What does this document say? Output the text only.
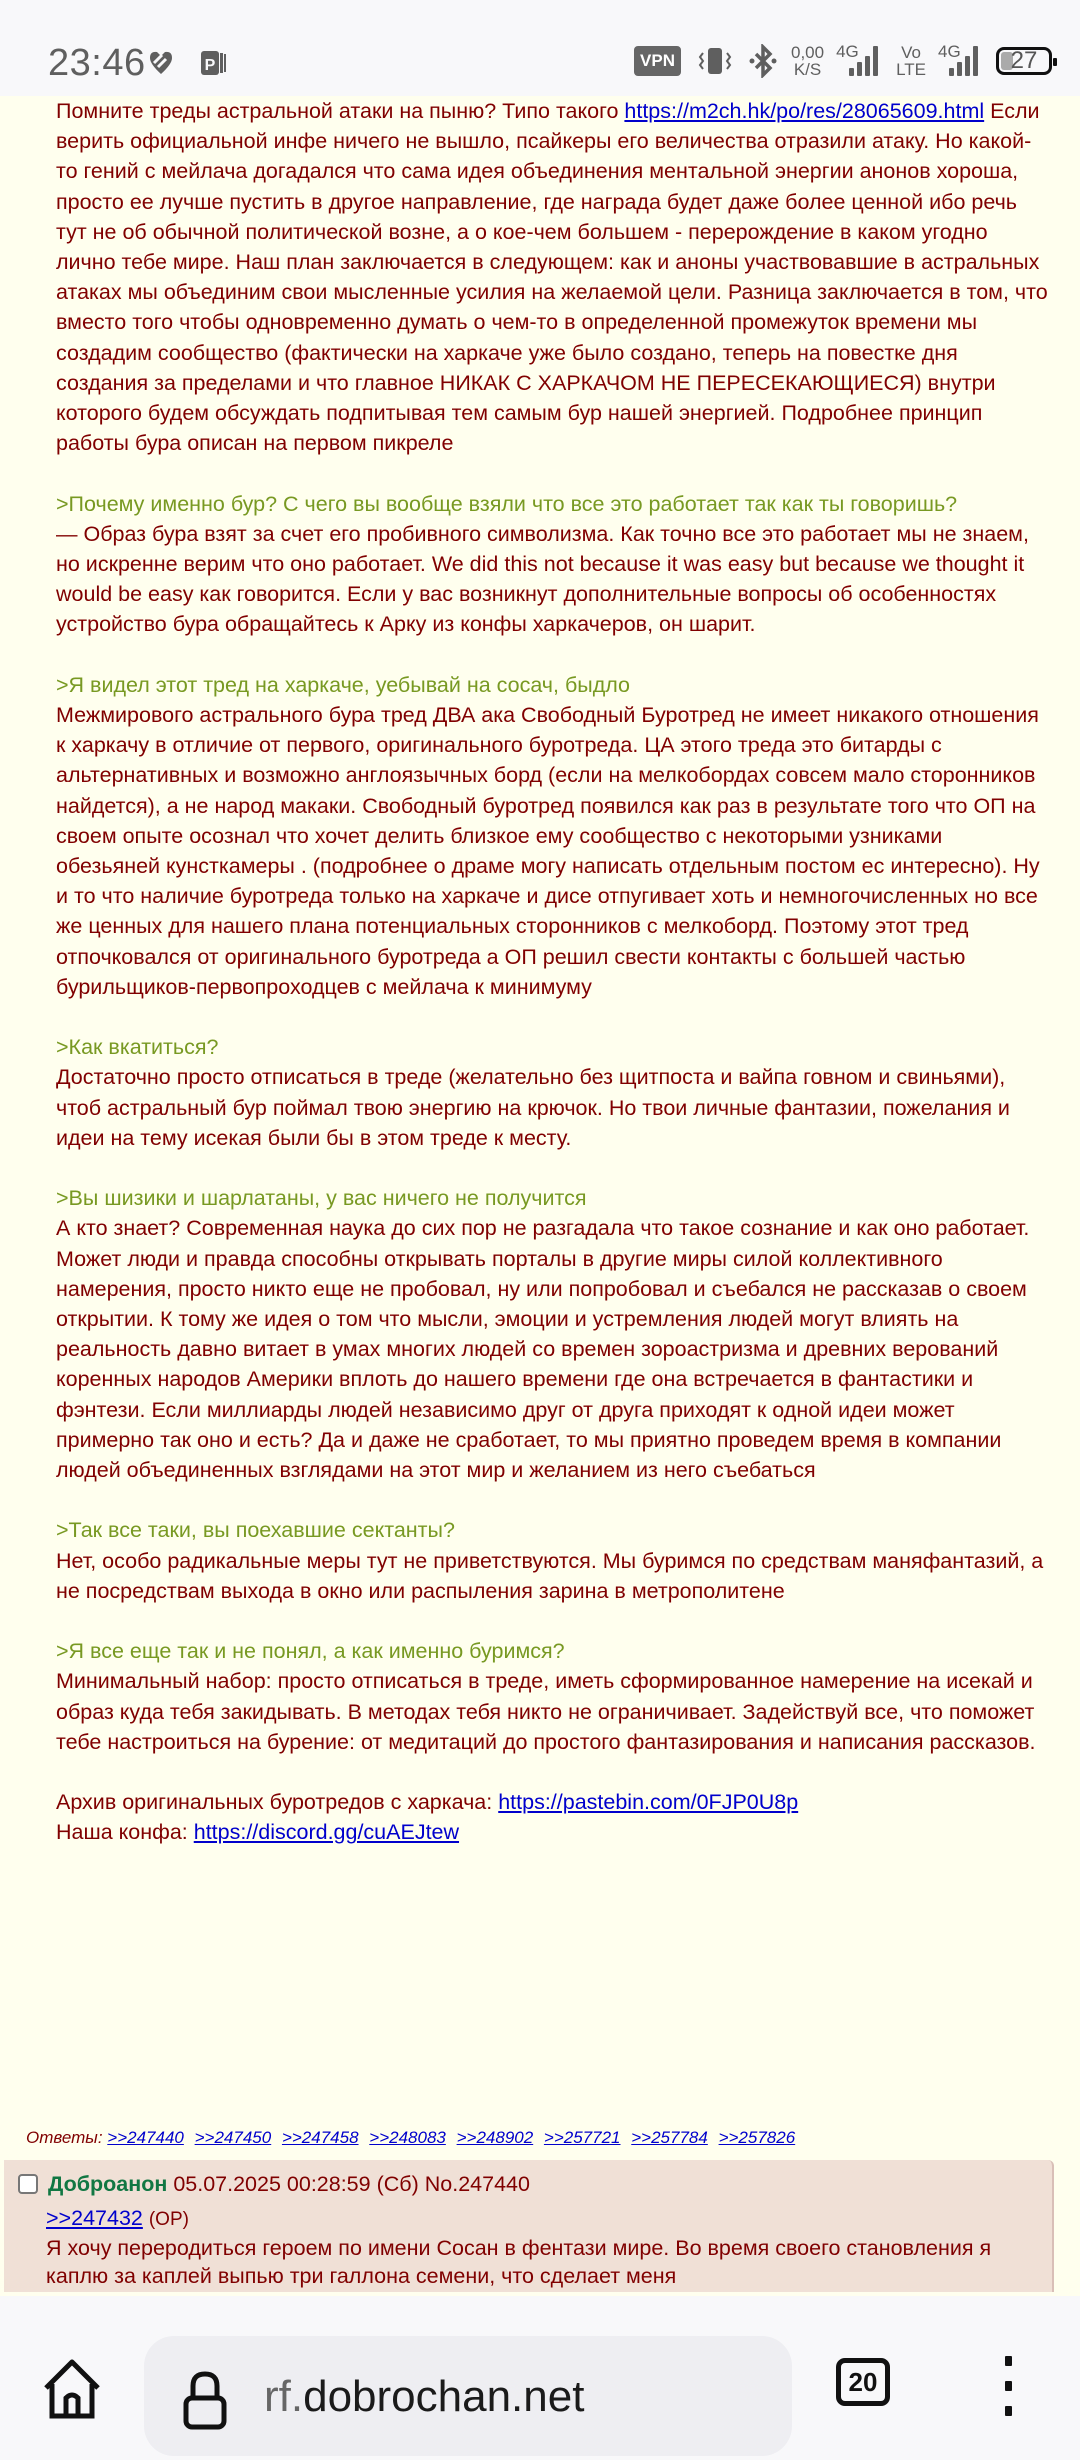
23:46	P	VPN	0,00
K/S
4G Vo
LTE
4G 27

Помните треды астральной атаки на пыню? Типо такого https://m2ch.hk/po/res/28065609.html Если верить официальной инфе ничего не вышло, псайкеры его величества отразили атаку. Но какой-то гений с мейлача догадался что сама идея объединения ментальной энергии анонов хороша, просто ее лучше пустить в другое направление, где награда будет даже более ценной ибо речь тут не об обычной политической возне, а о кое-чем большем - перерождение в каком угодно лично тебе мире. Наш план заключается в следующем: как и аноны участвовавшие в астральных атаках мы объединим свои мысленные усилия на желаемой цели. Разница заключается в том, что вместо того чтобы одновременно думать о чем-то в определенной промежуток времени мы создадим сообщество (фактически на харкаче уже было создано, теперь на повестке дня создания за пределами и что главное НИКАК С ХАРКАЧОМ НЕ ПЕРЕСЕКАЮЩИЕСЯ) внутри которого будем обсуждать подпитывая тем самым бур нашей энергией. Подробнее принцип работы бура описан на первом пикреле

>Почему именно бур? С чего вы вообще взяли что все это работает так как ты говоришь?

— Образ бура взят за счет его пробивного символизма. Как точно все это работает мы не знаем, но искренне верим что оно работает. We did this not because it was easy but because we thought it would be easy как говорится. Если у вас возникнут дополнительные вопросы об особенностях устройство бура обращайтесь к Арку из конфы харкачеров, он шарит.

>Я видел этот тред на харкаче, уебывай на сосач, быдло

Межмирового астрального бура тред ДВА ака Свободный Буротред не имеет никакого отношения к харкачу в отличие от первого, оригинального буротреда. ЦА этого треда это битарды с альтернативных и возможно англоязычных борд (если на мелкобордах совсем мало сторонников найдется), а не народ макаки. Свободный буротред появился как раз в результате того что ОП на своем опыте осознал что хочет делить близкое ему сообщество с некоторыми узниками обезьяней кунсткамеры . (подробнее о драме могу написать отдельным постом ес интересно). Ну и то что наличие буротреда только на харкаче и дисе отпугивает хоть и немногочисленных но все же ценных для нашего плана потенциальных сторонников с мелкоборд. Поэтому этот тред отпочковался от оригинального буротреда а ОП решил свести контакты с большей частью бурильщиков-первопроходцев с мейлача к минимуму

>Как вкатиться?

Достаточно просто отписаться в треде (желательно без щитпоста и вайпа говном и свиньями), чтоб астральный бур поймал твою энергию на крючок. Но твои личные фантазии, пожелания и идеи на тему исекая были бы в этом треде к месту.

>Вы шизики и шарлатаны, у вас ничего не получится

А кто знает? Современная наука до сих пор не разгадала что такое сознание и как оно работает. Может люди и правда способны открывать порталы в другие миры силой коллективного намерения, просто никто еще не пробовал, ну или попробовал и съебался не рассказав о своем открытии. К тому же идея о том что мысли, эмоции и устремления людей могут влиять на реальность давно витает в умах многих людей со времен зороастризма и древних верований коренных народов Америки вплоть до нашего времени где она встречается в фантастики и фэнтези. Если миллиарды людей независимо друг от друга приходят к одной идеи может примерно так оно и есть? Да и даже не сработает, то мы приятно проведем время в компании людей объединенных взглядами на этот мир и желанием из него съебаться

>Так все таки, вы поехавшие сектанты?

Нет, особо радикальные меры тут не приветствуются. Мы буримся по средствам маняфантазий, а не посредствам выхода в окно или распыления зарина в метрополитене

>Я все еще так и не понял, а как именно буримся?

Минимальный набор: просто отписаться в треде, иметь сформированное намерение на исекай и образ куда тебя закидывать. В методах тебя никто не ограничивает. Задействуй все, что поможет тебе настроиться на бурение: от медитаций до простого фантазирования и написания рассказов.

Архив оригинальных буротредов с харкача: https://pastebin.com/0FJP0U8p

Наша конфа: https://discord.gg/cuAEJtew

Ответы: >>247440 >>247450 >>247458 >>248083 >>248902 >>257721 >>257784 >>257826
Доброанон 05.07.2025 00:28:59 (Сб) No.247440
>>247432 (OP)
Я хочу переродиться героем по имени Сосан в фентази мире. Во время своего становления я каплю за каплей выпью три галлона семени, что сделает меня
rf.dobrochan.net	20
